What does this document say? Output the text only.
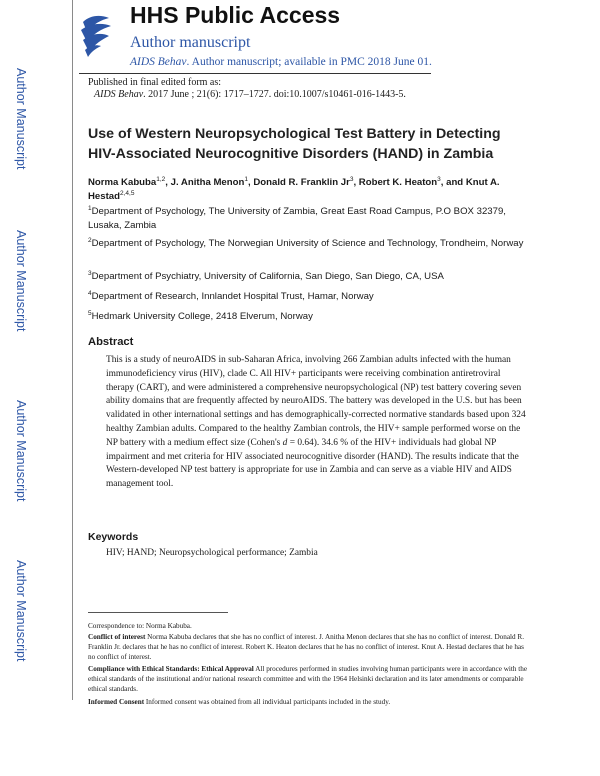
Author Manuscript
Author Manuscript
Author Manuscript
Author Manuscript
HHS Public Access
Author manuscript
AIDS Behav. Author manuscript; available in PMC 2018 June 01.
Published in final edited form as:
AIDS Behav. 2017 June ; 21(6): 1717–1727. doi:10.1007/s10461-016-1443-5.
Use of Western Neuropsychological Test Battery in Detecting HIV-Associated Neurocognitive Disorders (HAND) in Zambia
Norma Kabuba$^{1,2}$, J. Anitha Menon$^1$, Donald R. Franklin Jr$^3$, Robert K. Heaton$^3$, and Knut A. Hestad$^{2,4,5}$
$^1$Department of Psychology, The University of Zambia, Great East Road Campus, P.O BOX 32379, Lusaka, Zambia
$^2$Department of Psychology, The Norwegian University of Science and Technology, Trondheim, Norway
$^3$Department of Psychiatry, University of California, San Diego, San Diego, CA, USA
$^4$Department of Research, Innlandet Hospital Trust, Hamar, Norway
$^5$Hedmark University College, 2418 Elverum, Norway
Abstract
This is a study of neuroAIDS in sub-Saharan Africa, involving 266 Zambian adults infected with the human immunodeficiency virus (HIV), clade C. All HIV+ participants were receiving combination antiretroviral therapy (CART), and were administered a comprehensive neuropsychological (NP) test battery covering seven ability domains that are frequently affected by neuroAIDS. The battery was developed in the U.S. but has been validated in other international settings and has demographically-corrected normative standards based upon 324 healthy Zambian adults. Compared to the healthy Zambian controls, the HIV+ sample performed worse on the NP battery with a medium effect size (Cohen's d = 0.64). 34.6 % of the HIV+ individuals had global NP impairment and met criteria for HIV associated neurocognitive disorder (HAND). The results indicate that the Western-developed NP test battery is appropriate for use in Zambia and can serve as a viable HIV and AIDS management tool.
Keywords
HIV; HAND; Neuropsychological performance; Zambia
Correspondence to: Norma Kabuba.
Conflict of interest Norma Kabuba declares that she has no conflict of interest. J. Anitha Menon declares that she has no conflict of interest. Donald R. Franklin Jr. declares that he has no conflict of interest. Robert K. Heaton declares that he has no conflict of interest. Knut A. Hestad declares that he has no conflict of interest.
Compliance with Ethical Standards: Ethical Approval All procedures performed in studies involving human participants were in accordance with the ethical standards of the institutional and/or national research committee and with the 1964 Helsinki declaration and its later amendments or comparable ethical standards.
Informed Consent Informed consent was obtained from all individual participants included in the study.
